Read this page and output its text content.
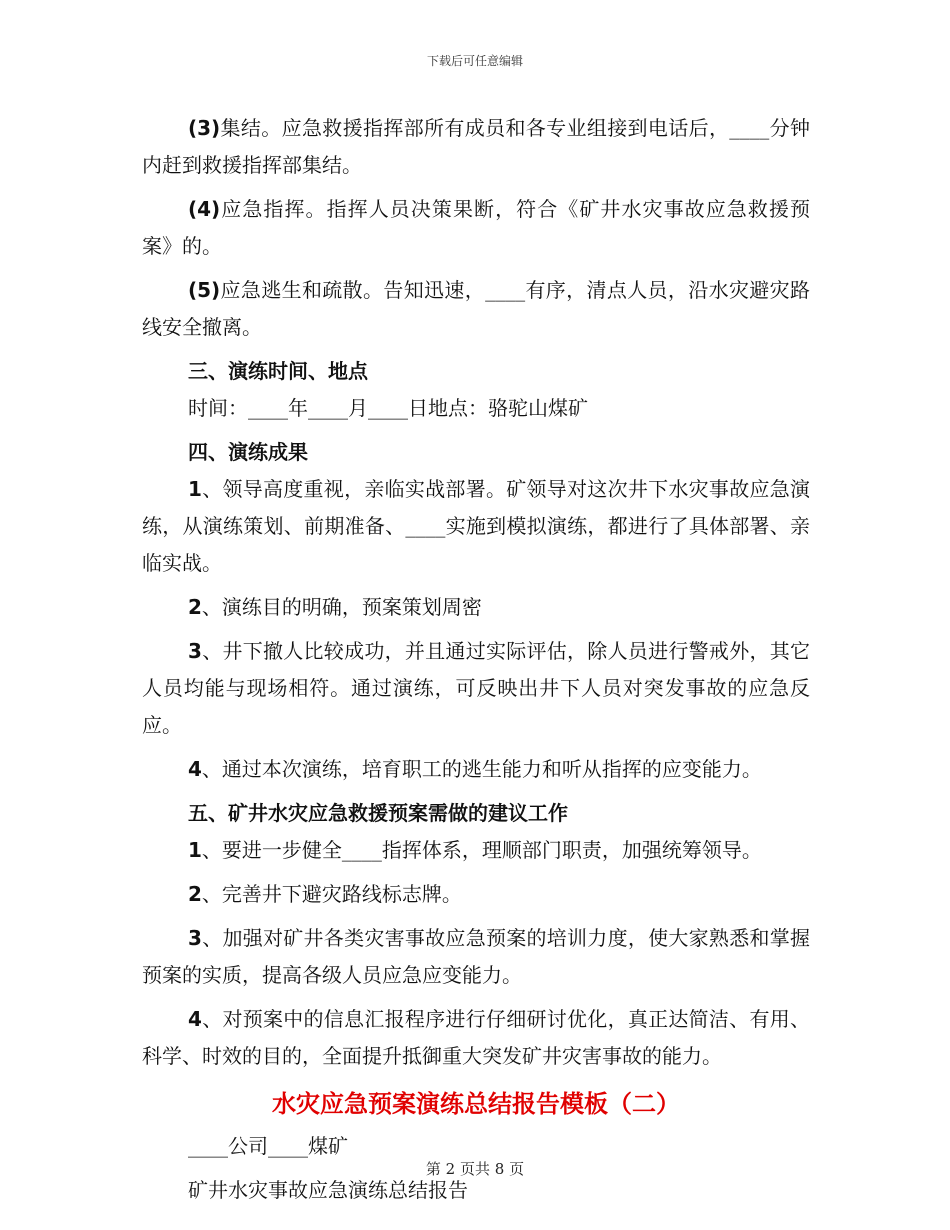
下载后可任意编辑

(3)集结。应急救援指挥部所有成员和各专业组接到电话后，____分钟内赶到救援指挥部集结。

(4)应急指挥。指挥人员决策果断，符合《矿井水灾事故应急救援预案》的。

(5)应急逃生和疏散。告知迅速，____有序，清点人员，沿水灾避灾路线安全撤离。

三、演练时间、地点

时间：____年____月____日地点：骆驼山煤矿

四、演练成果

1、领导高度重视，亲临实战部署。矿领导对这次井下水灾事故应急演练，从演练策划、前期准备、____实施到模拟演练，都进行了具体部署、亲临实战。

2、演练目的明确，预案策划周密

3、井下撤人比较成功，并且通过实际评估，除人员进行警戒外，其它人员均能与现场相符。通过演练，可反映出井下人员对突发事故的应急反应。

4、通过本次演练，培育职工的逃生能力和听从指挥的应变能力。

五、矿井水灾应急救援预案需做的建议工作

1、要进一步健全____指挥体系，理顺部门职责，加强统筹领导。

2、完善井下避灾路线标志牌。

3、加强对矿井各类灾害事故应急预案的培训力度，使大家熟悉和掌握预案的实质，提高各级人员应急应变能力。

4、对预案中的信息汇报程序进行仔细研讨优化，真正达简洁、有用、科学、时效的目的，全面提升抵御重大突发矿井灾害事故的能力。

水灾应急预案演练总结报告模板（二）

____公司____煤矿

矿井水灾事故应急演练总结报告

第 2 页共 8 页
